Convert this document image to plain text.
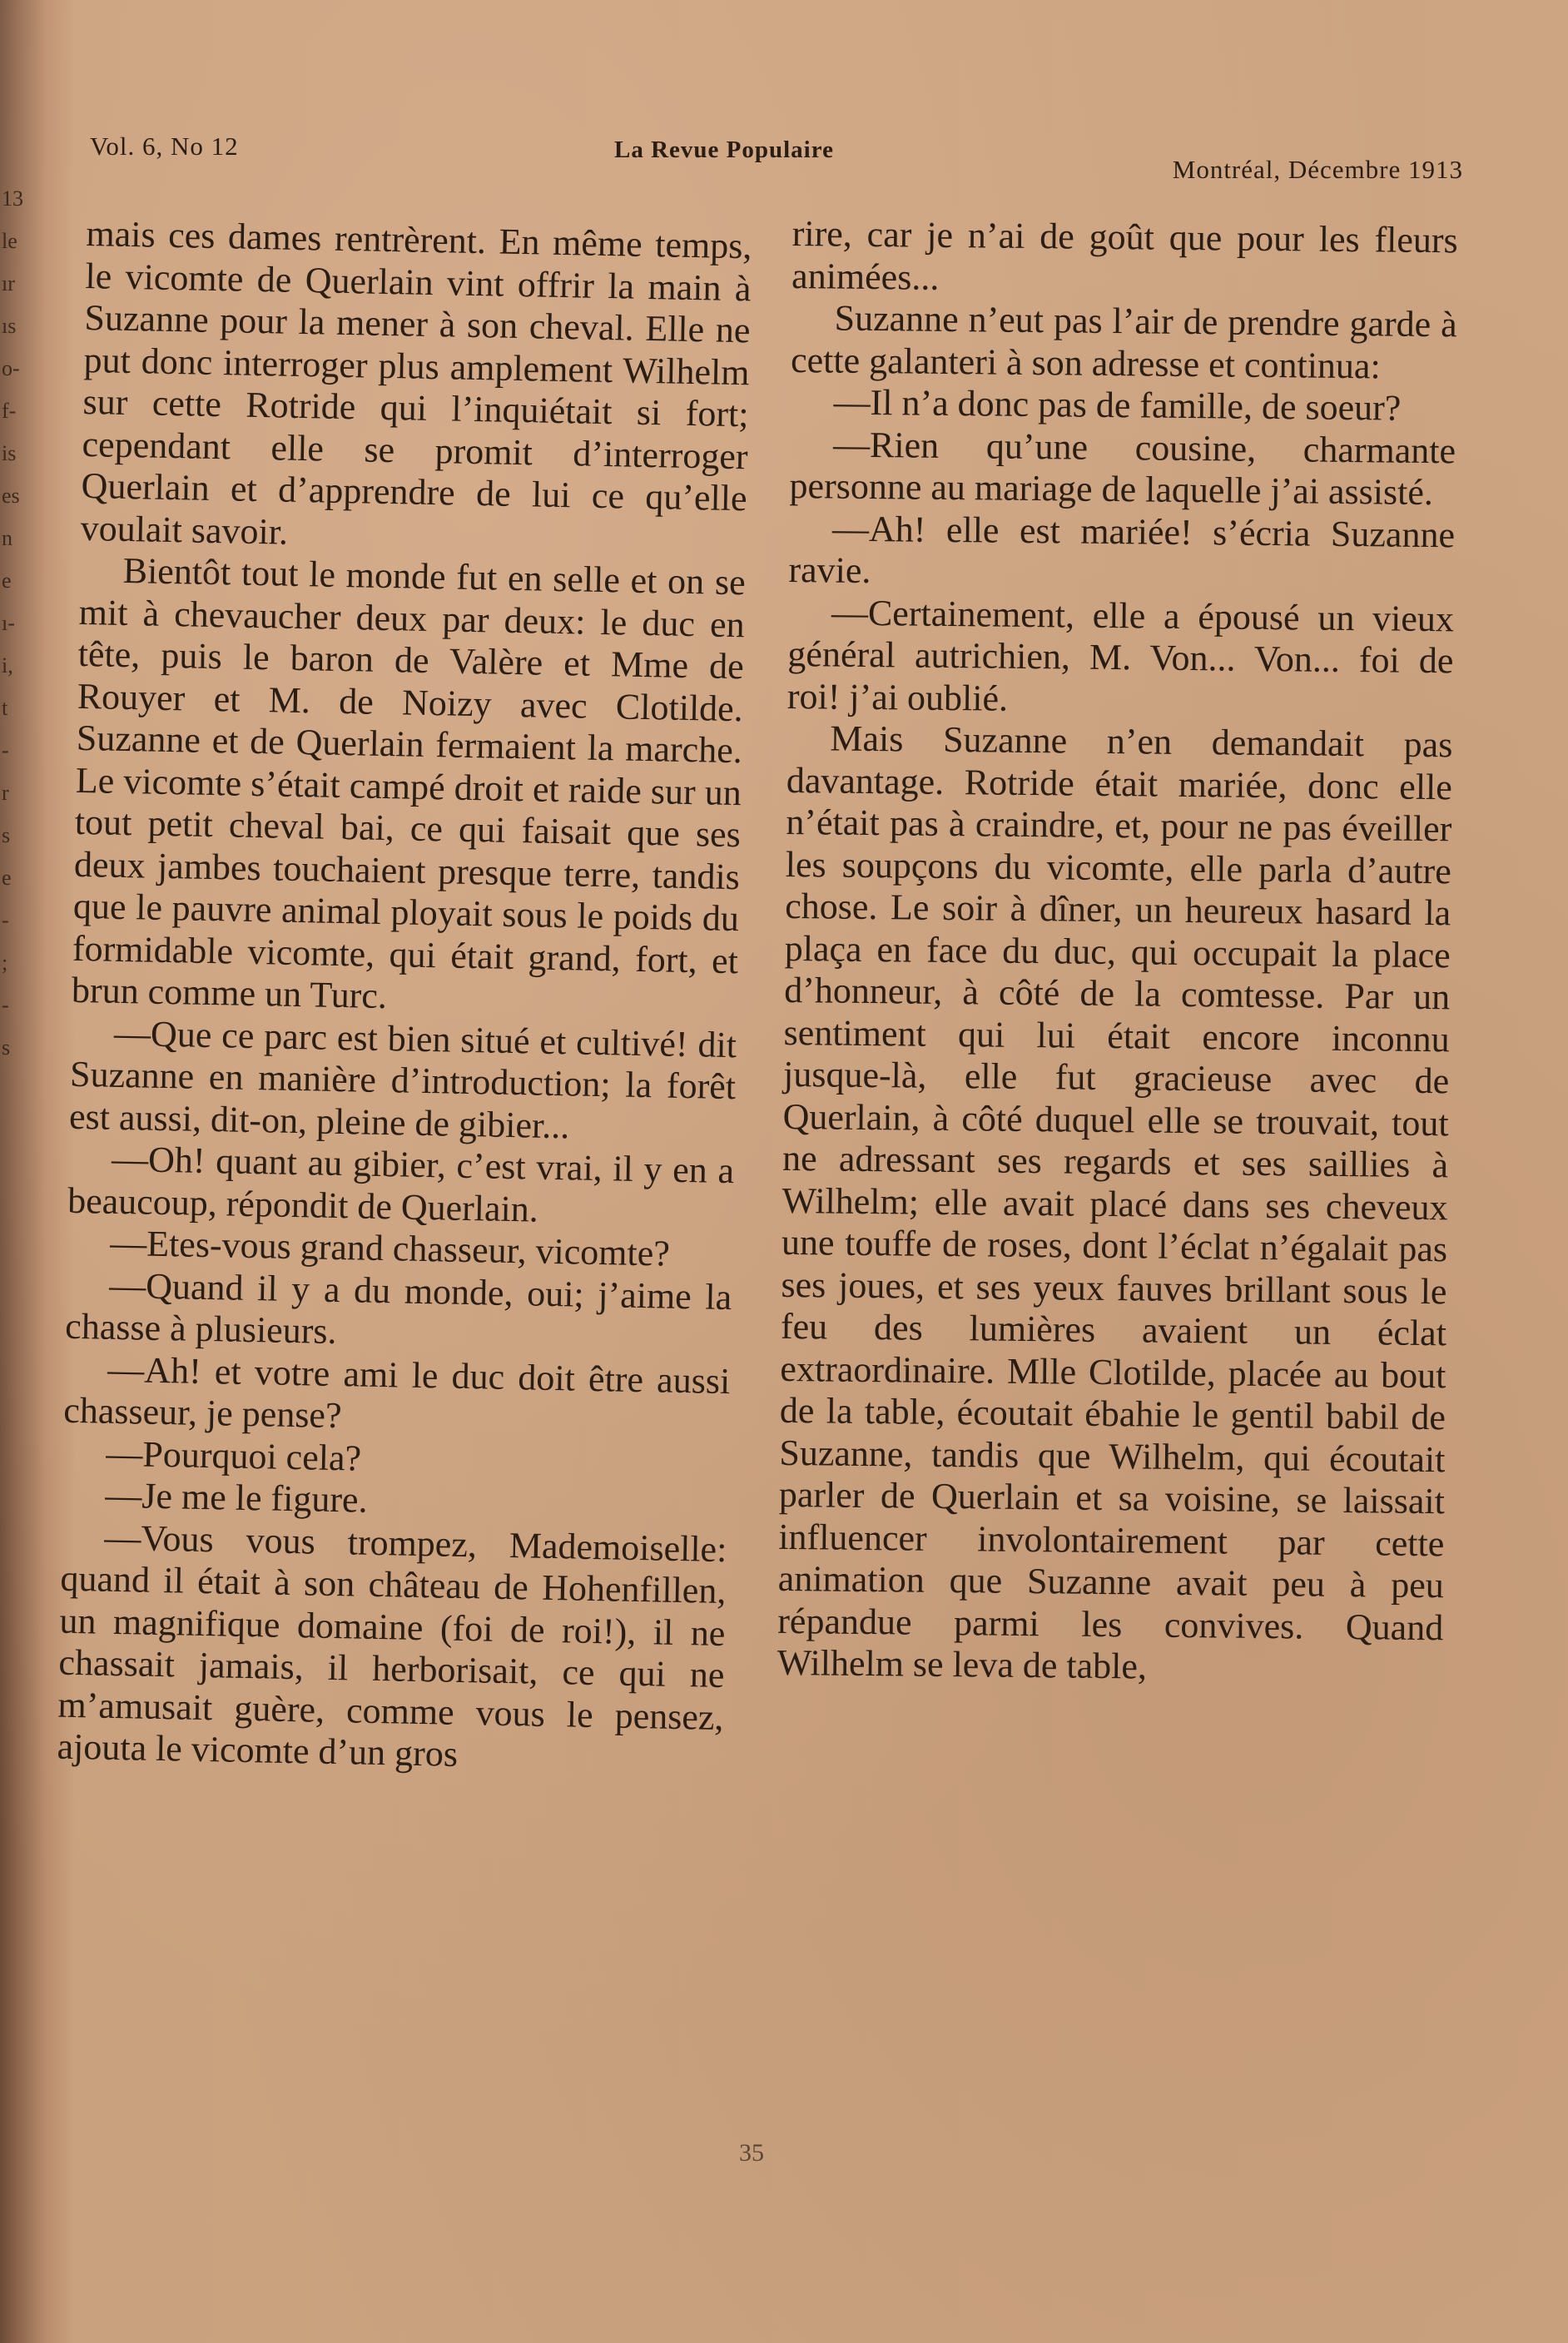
13
le
ır
ıs
o-
f-
is
es
n
e
ı-
i,
t
-
r
s
e
-
;
-
s
Vol. 6, No 12	La Revue Populaire
Montréal, Décembre 1913

mais ces dames rentrèrent. En même temps, le vicomte de Querlain vint offrir la main à Suzanne pour la mener à son cheval. Elle ne put donc interroger plus amplement Wilhelm sur cette Rotride qui l’inquiétait si fort; cependant elle se promit d’interroger Querlain et d’apprendre de lui ce qu’elle voulait savoir.

Bientôt tout le monde fut en selle et on se mit à chevaucher deux par deux: le duc en tête, puis le baron de Valère et Mme de Rouyer et M. de Noizy avec Clotilde. Suzanne et de Querlain fermaient la marche. Le vicomte s’était campé droit et raide sur un tout petit cheval bai, ce qui faisait que ses deux jambes touchaient presque terre, tandis que le pauvre animal ployait sous le poids du formidable vicomte, qui était grand, fort, et brun comme un Turc.

—Que ce parc est bien situé et cultivé! dit Suzanne en manière d’introduction; la forêt est aussi, dit-on, pleine de gibier...

—Oh! quant au gibier, c’est vrai, il y en a beaucoup, répondit de Querlain.

—Etes-vous grand chasseur, vicomte?

—Quand il y a du monde, oui; j’aime la chasse à plusieurs.

—Ah! et votre ami le duc doit être aussi chasseur, je pense?

—Pourquoi cela?

—Je me le figure.

—Vous vous trompez, Mademoiselle: quand il était à son château de Hohenfillen, un magnifique domaine (foi de roi!), il ne chassait jamais, il herborisait, ce qui ne m’amusait guère, comme vous le pensez, ajouta le vicomte d’un gros

rire, car je n’ai de goût que pour les fleurs animées...

Suzanne n’eut pas l’air de prendre garde à cette galanteri à son adresse et continua:

—Il n’a donc pas de famille, de soeur?

—Rien qu’une cousine, charmante personne au mariage de laquelle j’ai assisté.

—Ah! elle est mariée! s’écria Suzanne ravie.

—Certainement, elle a épousé un vieux général autrichien, M. Von... Von... foi de roi! j’ai oublié.

Mais Suzanne n’en demandait pas davantage. Rotride était mariée, donc elle n’était pas à craindre, et, pour ne pas éveiller les soupçons du vicomte, elle parla d’autre chose. Le soir à dîner, un heureux hasard la plaça en face du duc, qui occupait la place d’honneur, à côté de la comtesse. Par un sentiment qui lui était encore inconnu jusque-là, elle fut gracieuse avec de Querlain, à côté duquel elle se trouvait, tout ne adressant ses regards et ses saillies à Wilhelm; elle avait placé dans ses cheveux une touffe de roses, dont l’éclat n’égalait pas ses joues, et ses yeux fauves brillant sous le feu des lumières avaient un éclat extraordinaire. Mlle Clotilde, placée au bout de la table, écoutait ébahie le gentil babil de Suzanne, tandis que Wilhelm, qui écoutait parler de Querlain et sa voisine, se laissait influencer involontairement par cette animation que Suzanne avait peu à peu répandue parmi les convives. Quand Wilhelm se leva de table,

35
